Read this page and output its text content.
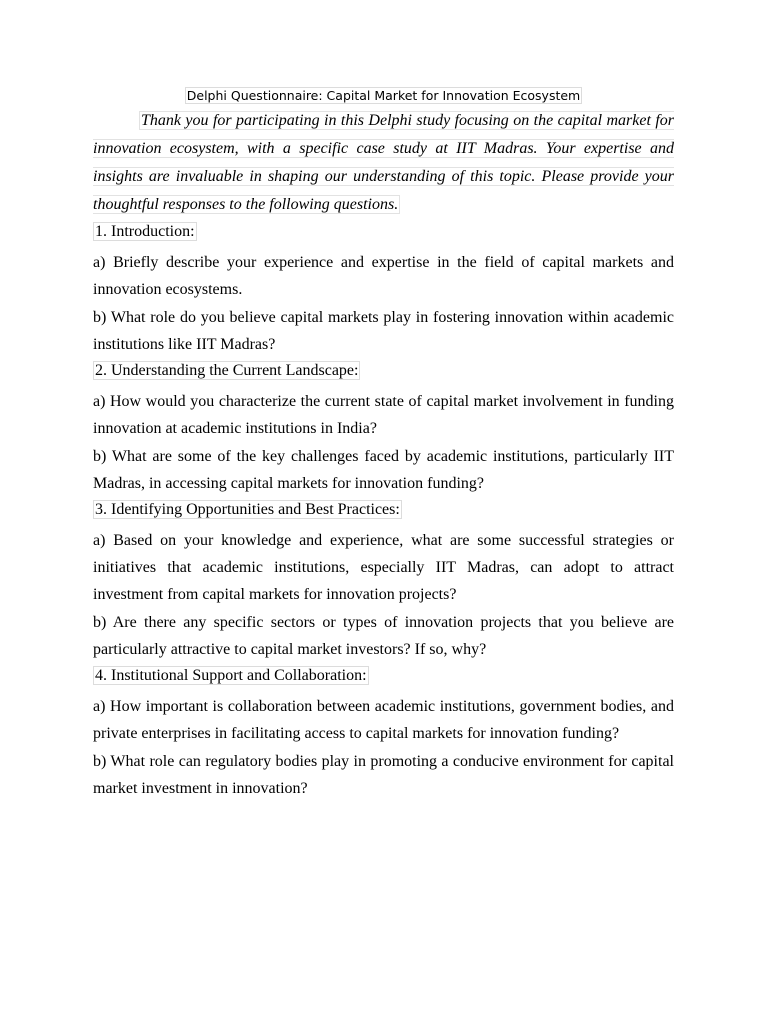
Delphi Questionnaire: Capital Market for Innovation Ecosystem

Thank you for participating in this Delphi study focusing on the capital market for innovation ecosystem, with a specific case study at IIT Madras. Your expertise and insights are invaluable in shaping our understanding of this topic. Please provide your thoughtful responses to the following questions.

1. Introduction:

a) Briefly describe your experience and expertise in the field of capital markets and innovation ecosystems.

b) What role do you believe capital markets play in fostering innovation within academic institutions like IIT Madras?

2. Understanding the Current Landscape:

a) How would you characterize the current state of capital market involvement in funding innovation at academic institutions in India?

b) What are some of the key challenges faced by academic institutions, particularly IIT Madras, in accessing capital markets for innovation funding?

3. Identifying Opportunities and Best Practices:

a) Based on your knowledge and experience, what are some successful strategies or initiatives that academic institutions, especially IIT Madras, can adopt to attract investment from capital markets for innovation projects?

b) Are there any specific sectors or types of innovation projects that you believe are particularly attractive to capital market investors? If so, why?

4. Institutional Support and Collaboration:

a) How important is collaboration between academic institutions, government bodies, and private enterprises in facilitating access to capital markets for innovation funding?

b) What role can regulatory bodies play in promoting a conducive environment for capital market investment in innovation?
